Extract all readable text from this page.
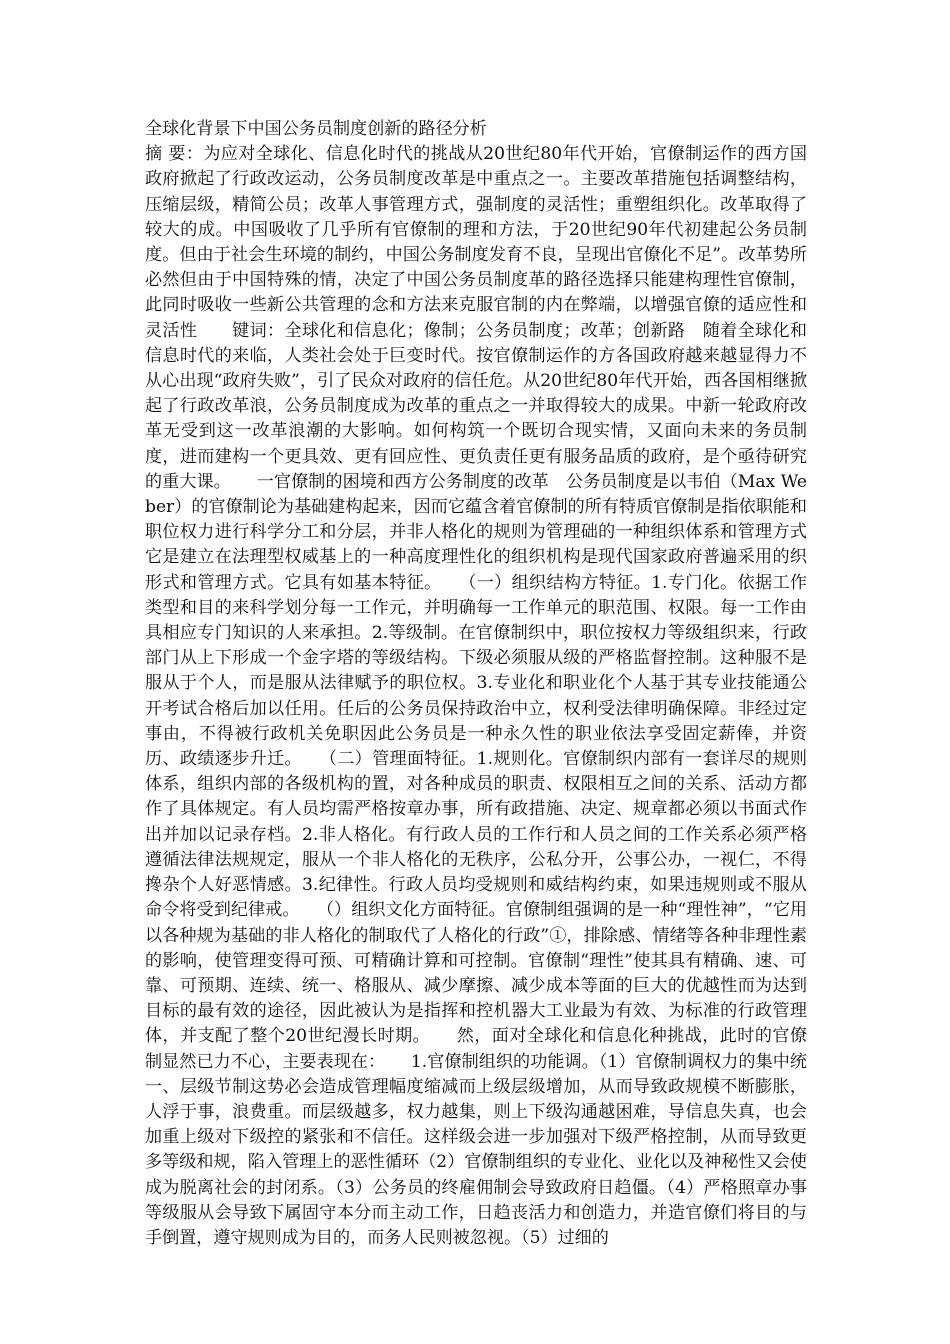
全球化背景下中国公务员制度创新的路径分析

摘 要：为应对全球化、信息化时代的挑战从20世纪80年代开始，官僚制运作的西方国政府掀起了行政改运动，公务员制度改革是中重点之一。主要改革措施包括调整结构，压缩层级，精简公员；改革人事管理方式，强制度的灵活性；重塑组织化。改革取得了较大的成。中国吸收了几乎所有官僚制的理和方法，于20世纪90年代初建起公务员制度。但由于社会生环境的制约，中国公务制度发育不良，呈现出官僚化不足”。改革势所必然但由于中国特殊的情，决定了中国公务员制度革的路径选择只能建构理性官僚制，此同时吸收一些新公共管理的念和方法来克服官制的内在弊端，以增强官僚的适应性和灵活性　　键词：全球化和信息化；像制；公务员制度；改革；创新路　随着全球化和信息时代的来临，人类社会处于巨变时代。按官僚制运作的方各国政府越来越显得力不从心出现“政府失败”，引了民众对政府的信任危。从20世纪80年代开始，西各国相继掀起了行政改革浪，公务员制度成为改革的重点之一并取得较大的成果。中新一轮政府改革无受到这一改革浪潮的大影响。如何构筑一个既切合现实情，又面向未来的务员制度，进而建构一个更具效、更有回应性、更负责任更有服务品质的政府，是个亟待研究的重大课。　　一官僚制的困境和西方公务制度的改革　公务员制度是以韦伯（Max Weber）的官僚制论为基础建构起来，因而它蕴含着官僚制的所有特质官僚制是指依职能和职位权力进行科学分工和分层，并非人格化的规则为管理础的一种组织体系和管理方式它是建立在法理型权威基上的一种高度理性化的组织机构是现代国家政府普遍采用的织形式和管理方式。它具有如基本特征。　　（一）组织结构方特征。1.专门化。依据工作类型和目的来科学划分每一工作元，并明确每一工作单元的职范围、权限。每一工作由具相应专门知识的人来承担。2.等级制。在官僚制织中，职位按权力等级组织来，行政部门从上下形成一个金字塔的等级结构。下级必须服从级的严格监督控制。这种服不是服从于个人，而是服从法律赋予的职位权。3.专业化和职业化个人基于其专业技能通公开考试合格后加以任用。任后的公务员保持政治中立，权利受法律明确保障。非经过定事由，不得被行政机关免职因此公务员是一种永久性的职业依法享受固定薪俸，并资历、政绩逐步升迁。　　（二）管理面特征。1.规则化。官僚制织内部有一套详尽的规则体系，组织内部的各级机构的置，对各种成员的职责、权限相互之间的关系、活动方都作了具体规定。有人员均需严格按章办事，所有政措施、决定、规章都必须以书面式作出并加以记录存档。2.非人格化。有行政人员的工作行和人员之间的工作关系必须严格遵循法律法规规定，服从一个非人格化的无秩序，公私分开，公事公办，一视仁，不得搀杂个人好恶情感。3.纪律性。行政人员均受规则和威结构约束，如果违规则或不服从命令将受到纪律戒。　　（）组织文化方面特征。官僚制组强调的是一种“理性神”，“它用以各种规为基础的非人格化的制取代了人格化的行政”①，排除感、情绪等各种非理性素的影响，使管理变得可预、可精确计算和可控制。官僚制“理性”使其具有精确、速、可靠、可预期、连续、统一、格服从、减少摩擦、减少成本等面的巨大的优越性而为达到目标的最有效的途径，因此被认为是指挥和控机器大工业最为有效、为标准的行政管理体，并支配了整个20世纪漫长时期。　　然，面对全球化和信息化种挑战，此时的官僚制显然已力不心，主要表现在：　　1.官僚制组织的功能调。（1）官僚制调权力的集中统一、层级节制这势必会造成管理幅度缩减而上级层级增加，从而导致政规模不断膨胀，人浮于事，浪费重。而层级越多，权力越集，则上下级沟通越困难，导信息失真，也会加重上级对下级控的紧张和不信任。这样级会进一步加强对下级严格控制，从而导致更多等级和规，陷入管理上的恶性循环（2）官僚制组织的专业化、业化以及神秘性又会使成为脱离社会的封闭系。（3）公务员的终雇佣制会导致政府日趋僵。（4）严格照章办事等级服从会导致下属固守本分而主动工作，日趋丧活力和创造力，并造官僚们将目的与手倒置，遵守规则成为目的，而务人民则被忽视。（5）过细的
